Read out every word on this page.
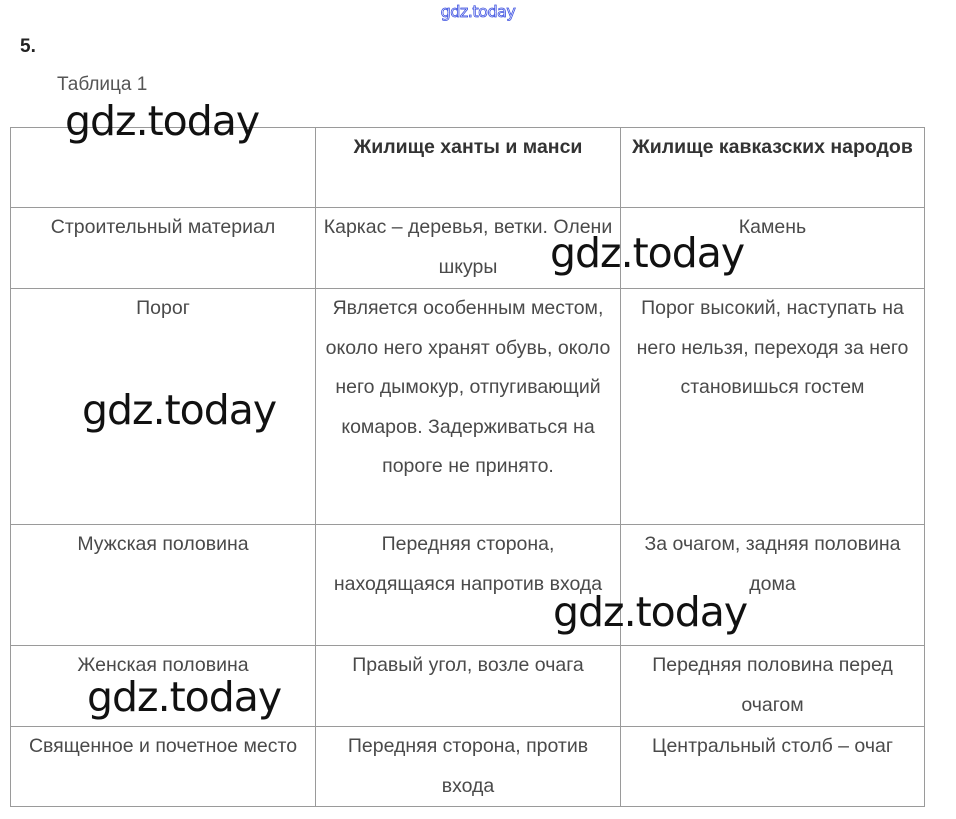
gdz.today
5.
Таблица 1
	Жилище ханты и манси	Жилище кавказских народов
Строительный материал	Каркас – деревья, ветки. Олени шкуры	Камень
Порог	Является особенным местом, около него хранят обувь, около него дымокур, отпугивающий комаров. Задерживаться на пороге не принято.	Порог высокий, наступать на него нельзя, переходя за него становишься гостем
Мужская половина	Передняя сторона, находящаяся напротив входа	За очагом, задняя половина дома
Женская половина	Правый угол, возле очага	Передняя половина перед очагом
Священное и почетное место	Передняя сторона, против входа	Центральный столб – очаг
gdz.today
gdz.today
gdz.today
gdz.today
gdz.today
